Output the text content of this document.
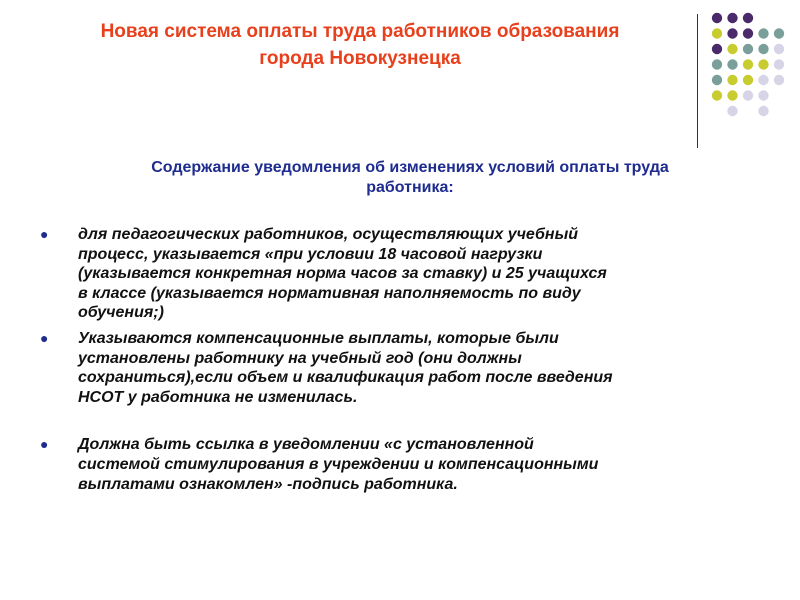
Новая система оплаты труда работников образования
города Новокузнецка
Содержание уведомления об изменениях условий оплаты труда
работника:
● для педагогических работников, осуществляющих учебный
процесс, указывается «при условии 18 часовой нагрузки
(указывается конкретная норма часов за ставку) и 25 учащихся
в классе (указывается нормативная наполняемость по виду
обучения;)
● Указываются компенсационные выплаты, которые были
установлены работнику на учебный год (они должны
сохраниться),если объем и квалификация работ после введения
НСОТ у работника не изменилась.
● Должна быть ссылка в уведомлении «с установленной
системой стимулирования в учреждении и компенсационными
выплатами ознакомлен» -подпись работника.
